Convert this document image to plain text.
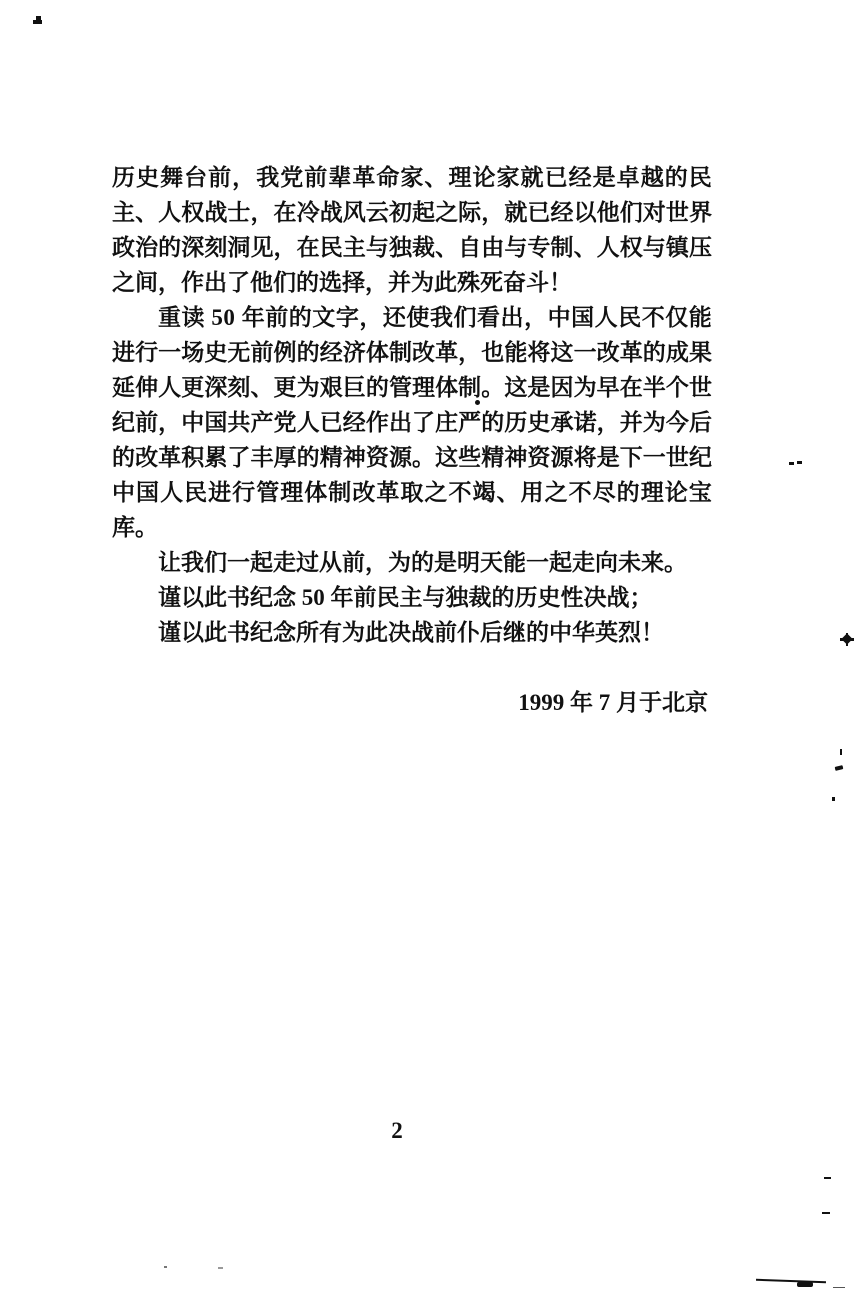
历 史 舞 台 前 ， 我 党 前 辈 革 命 家 、 理 论 家 就 已 经 是 卓 越 的 民
主 、 人 权 战 士 ， 在 冷 战 风 云 初 起 之 际 ， 就 已 经 以 他 们 对 世 界
政 治 的 深 刻 洞 见 ， 在 民 主 与 独 裁 、 自 由 与 专 制 、 人 权 与 镇 压
之间，作出了他们的选择，并为此殊死奋斗！
重 读
5 0
年 前 的 文 字 ， 还 使 我 们 看 出 ， 中 国 人 民 不 仅 能
进 行 一 场 史 无 前 例 的 经 济 体 制 改 革 ， 也 能 将 这 一 改 革 的 成 果
延 伸 人 更 深 刻 、 更 为 艰 巨 的 管 理 体 制 。 这 是 因 为 早 在 半 个 世
纪 前 ， 中 国 共 产 党 人 已 经 作 出 了 庄 严 的 历 史 承 诺 ， 并 为 今 后
的 改 革 积 累 了 丰 厚 的 精 神 资 源 。 这 些 精 神 资 源 将 是 下 一 世 纪
中 国 人 民 进 行 管 理 体 制 改 革 取 之 不 竭 、 用 之 不 尽 的 理 论 宝
库。
让我们一起走过从前，为的是明天能一起走向未来。
谨以此书纪念 50 年前民主与独裁的历史性决战；
谨以此书纪念所有为此决战前仆后继的中华英烈！
1999 年 7 月于北京
2
